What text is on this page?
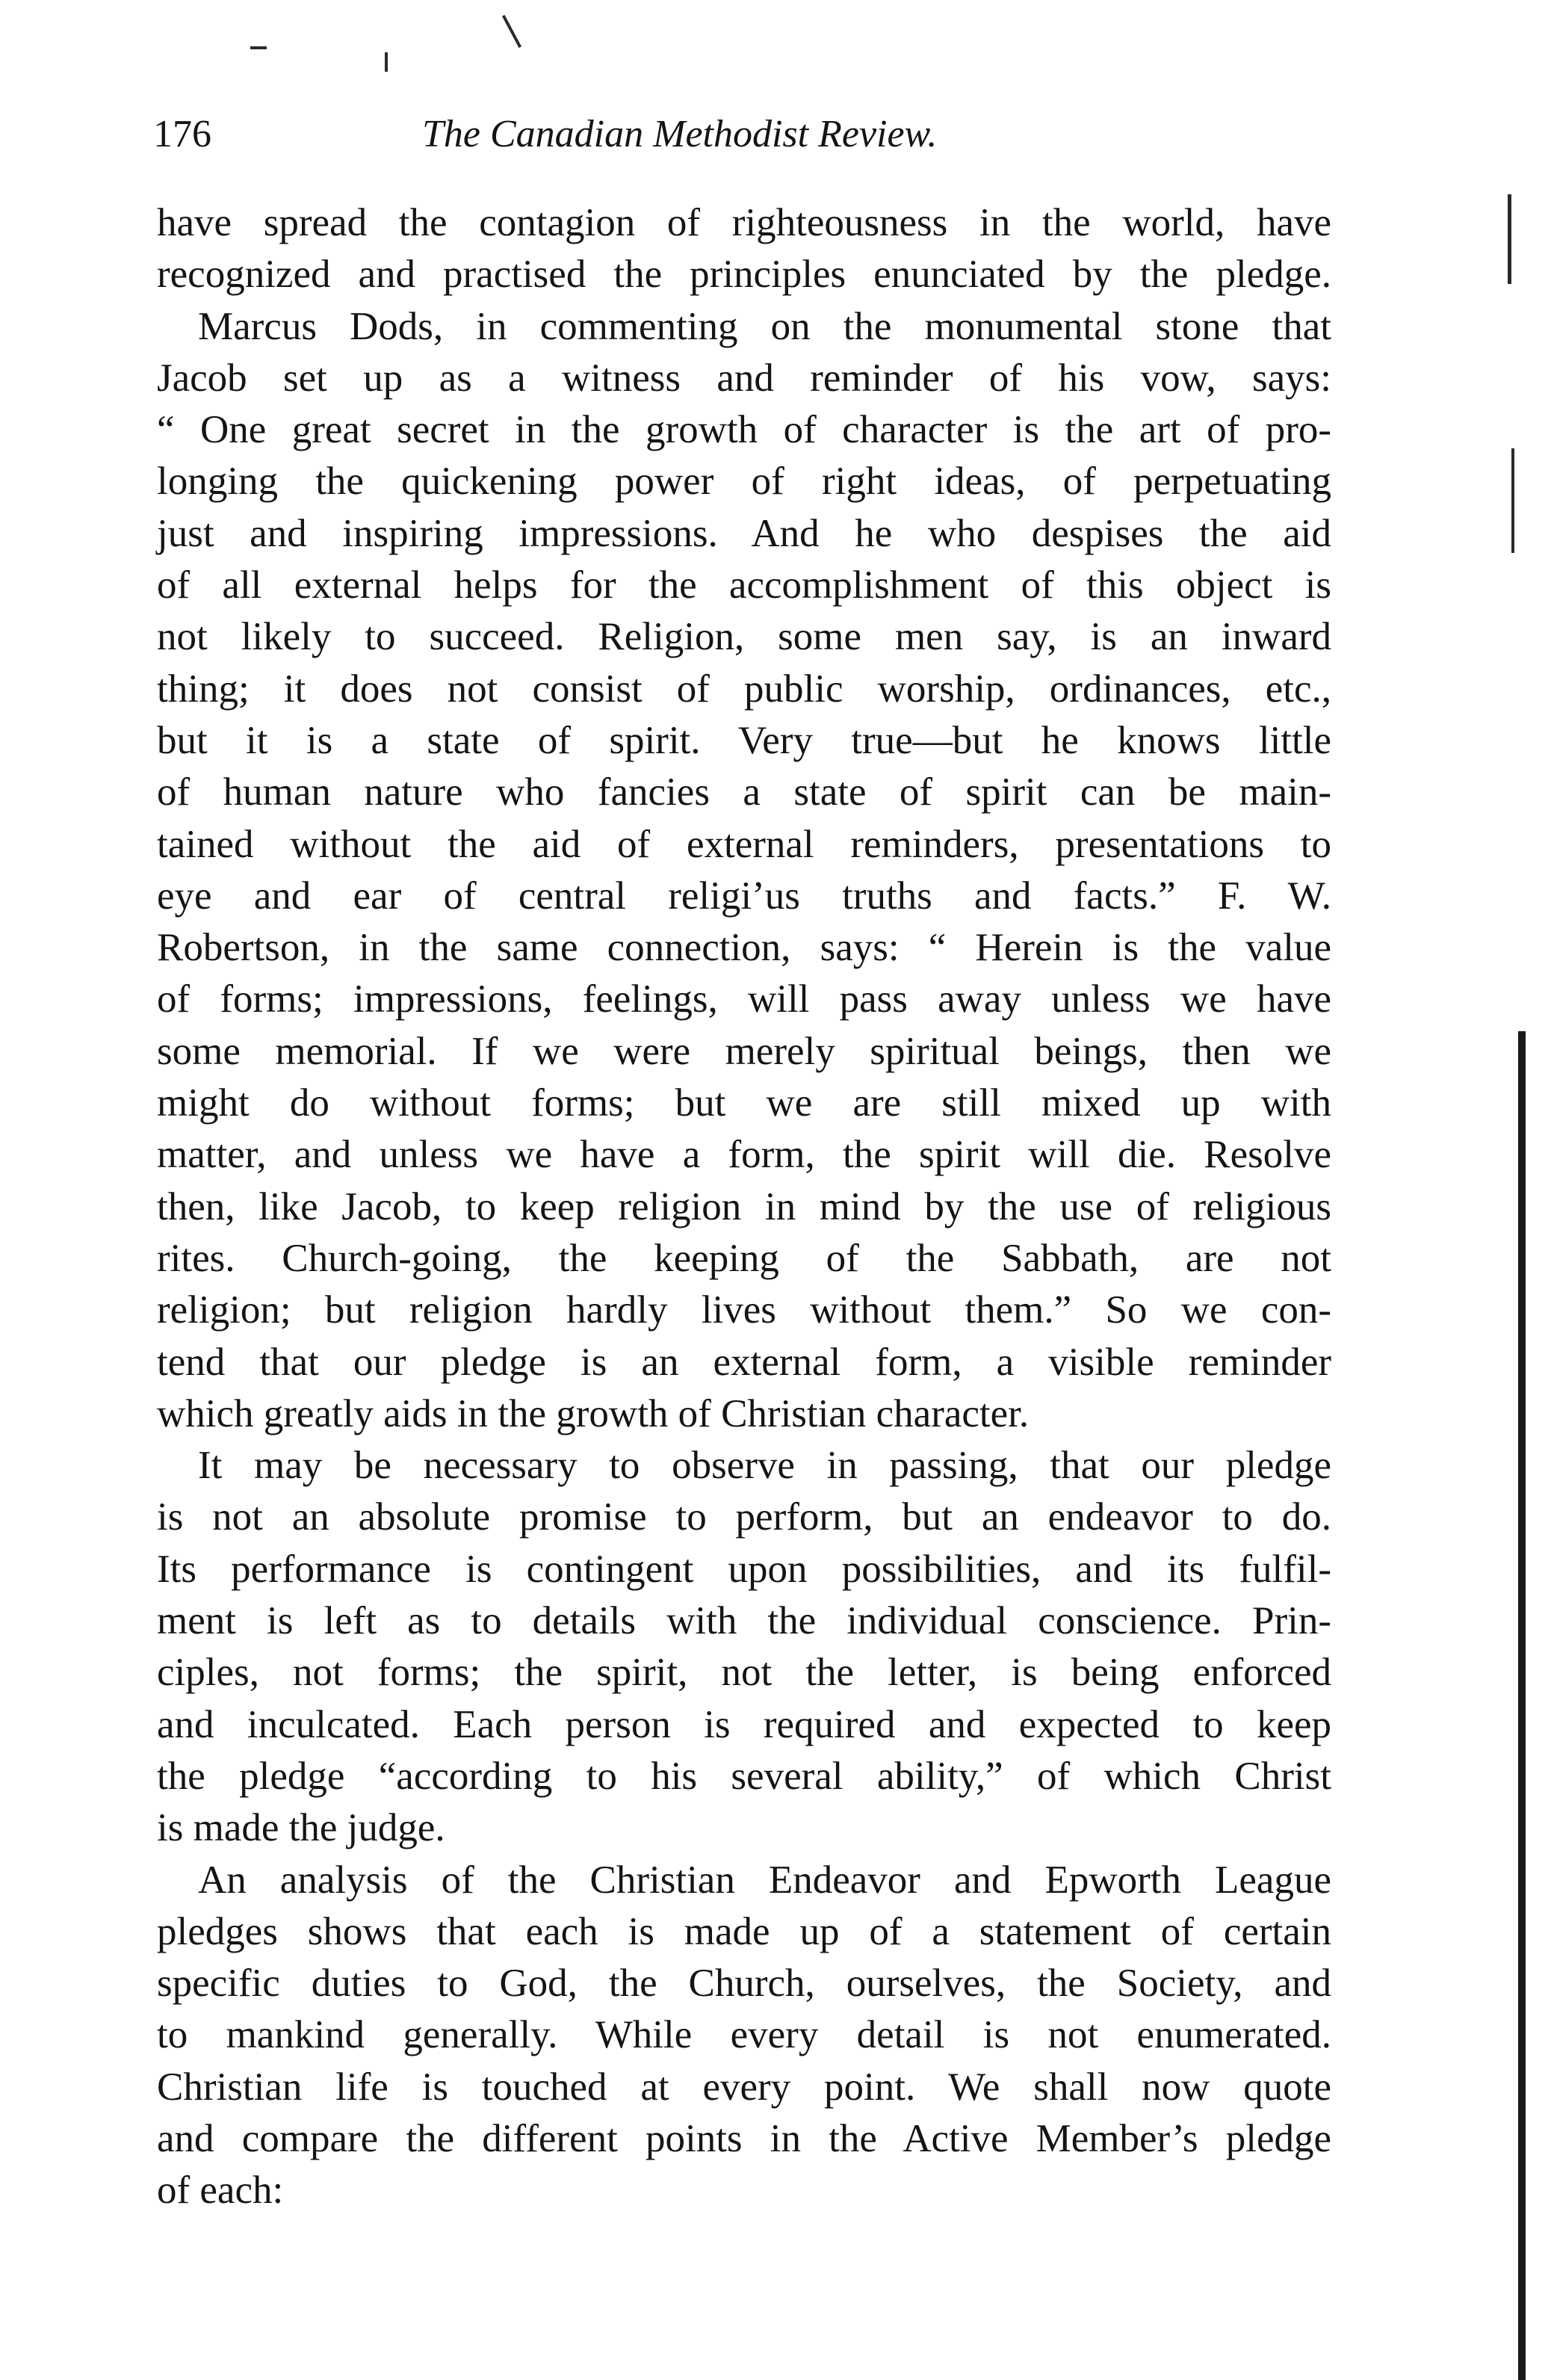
176	The Canadian Methodist Review.
have spread the contagion of righteousness in the world, have
recognized and practised the principles enunciated by the pledge.
Marcus Dods, in commenting on the monumental stone that
Jacob set up as a witness and reminder of his vow, says:
“ One great secret in the growth of character is the art of pro-
longing the quickening power of right ideas, of perpetuating
just and inspiring impressions. And he who despises the aid
of all external helps for the accomplishment of this object is
not likely to succeed. Religion, some men say, is an inward
thing; it does not consist of public worship, ordinances, etc.,
but it is a state of spirit. Very true—but he knows little
of human nature who fancies a state of spirit can be main-
tained without the aid of external reminders, presentations to
eye and ear of central religi’us truths and facts.” F. W.
Robertson, in the same connection, says: “ Herein is the value
of forms; impressions, feelings, will pass away unless we have
some memorial. If we were merely spiritual beings, then we
might do without forms; but we are still mixed up with
matter, and unless we have a form, the spirit will die. Resolve
then, like Jacob, to keep religion in mind by the use of religious
rites. Church-going, the keeping of the Sabbath, are not
religion; but religion hardly lives without them.” So we con-
tend that our pledge is an external form, a visible reminder
which greatly aids in the growth of Christian character.
It may be necessary to observe in passing, that our pledge
is not an absolute promise to perform, but an endeavor to do.
Its performance is contingent upon possibilities, and its fulfil-
ment is left as to details with the individual conscience. Prin-
ciples, not forms; the spirit, not the letter, is being enforced
and inculcated. Each person is required and expected to keep
the pledge “according to his several ability,” of which Christ
is made the judge.
An analysis of the Christian Endeavor and Epworth League
pledges shows that each is made up of a statement of certain
specific duties to God, the Church, ourselves, the Society, and
to mankind generally. While every detail is not enumerated.
Christian life is touched at every point. We shall now quote
and compare the different points in the Active Member’s pledge
of each:
